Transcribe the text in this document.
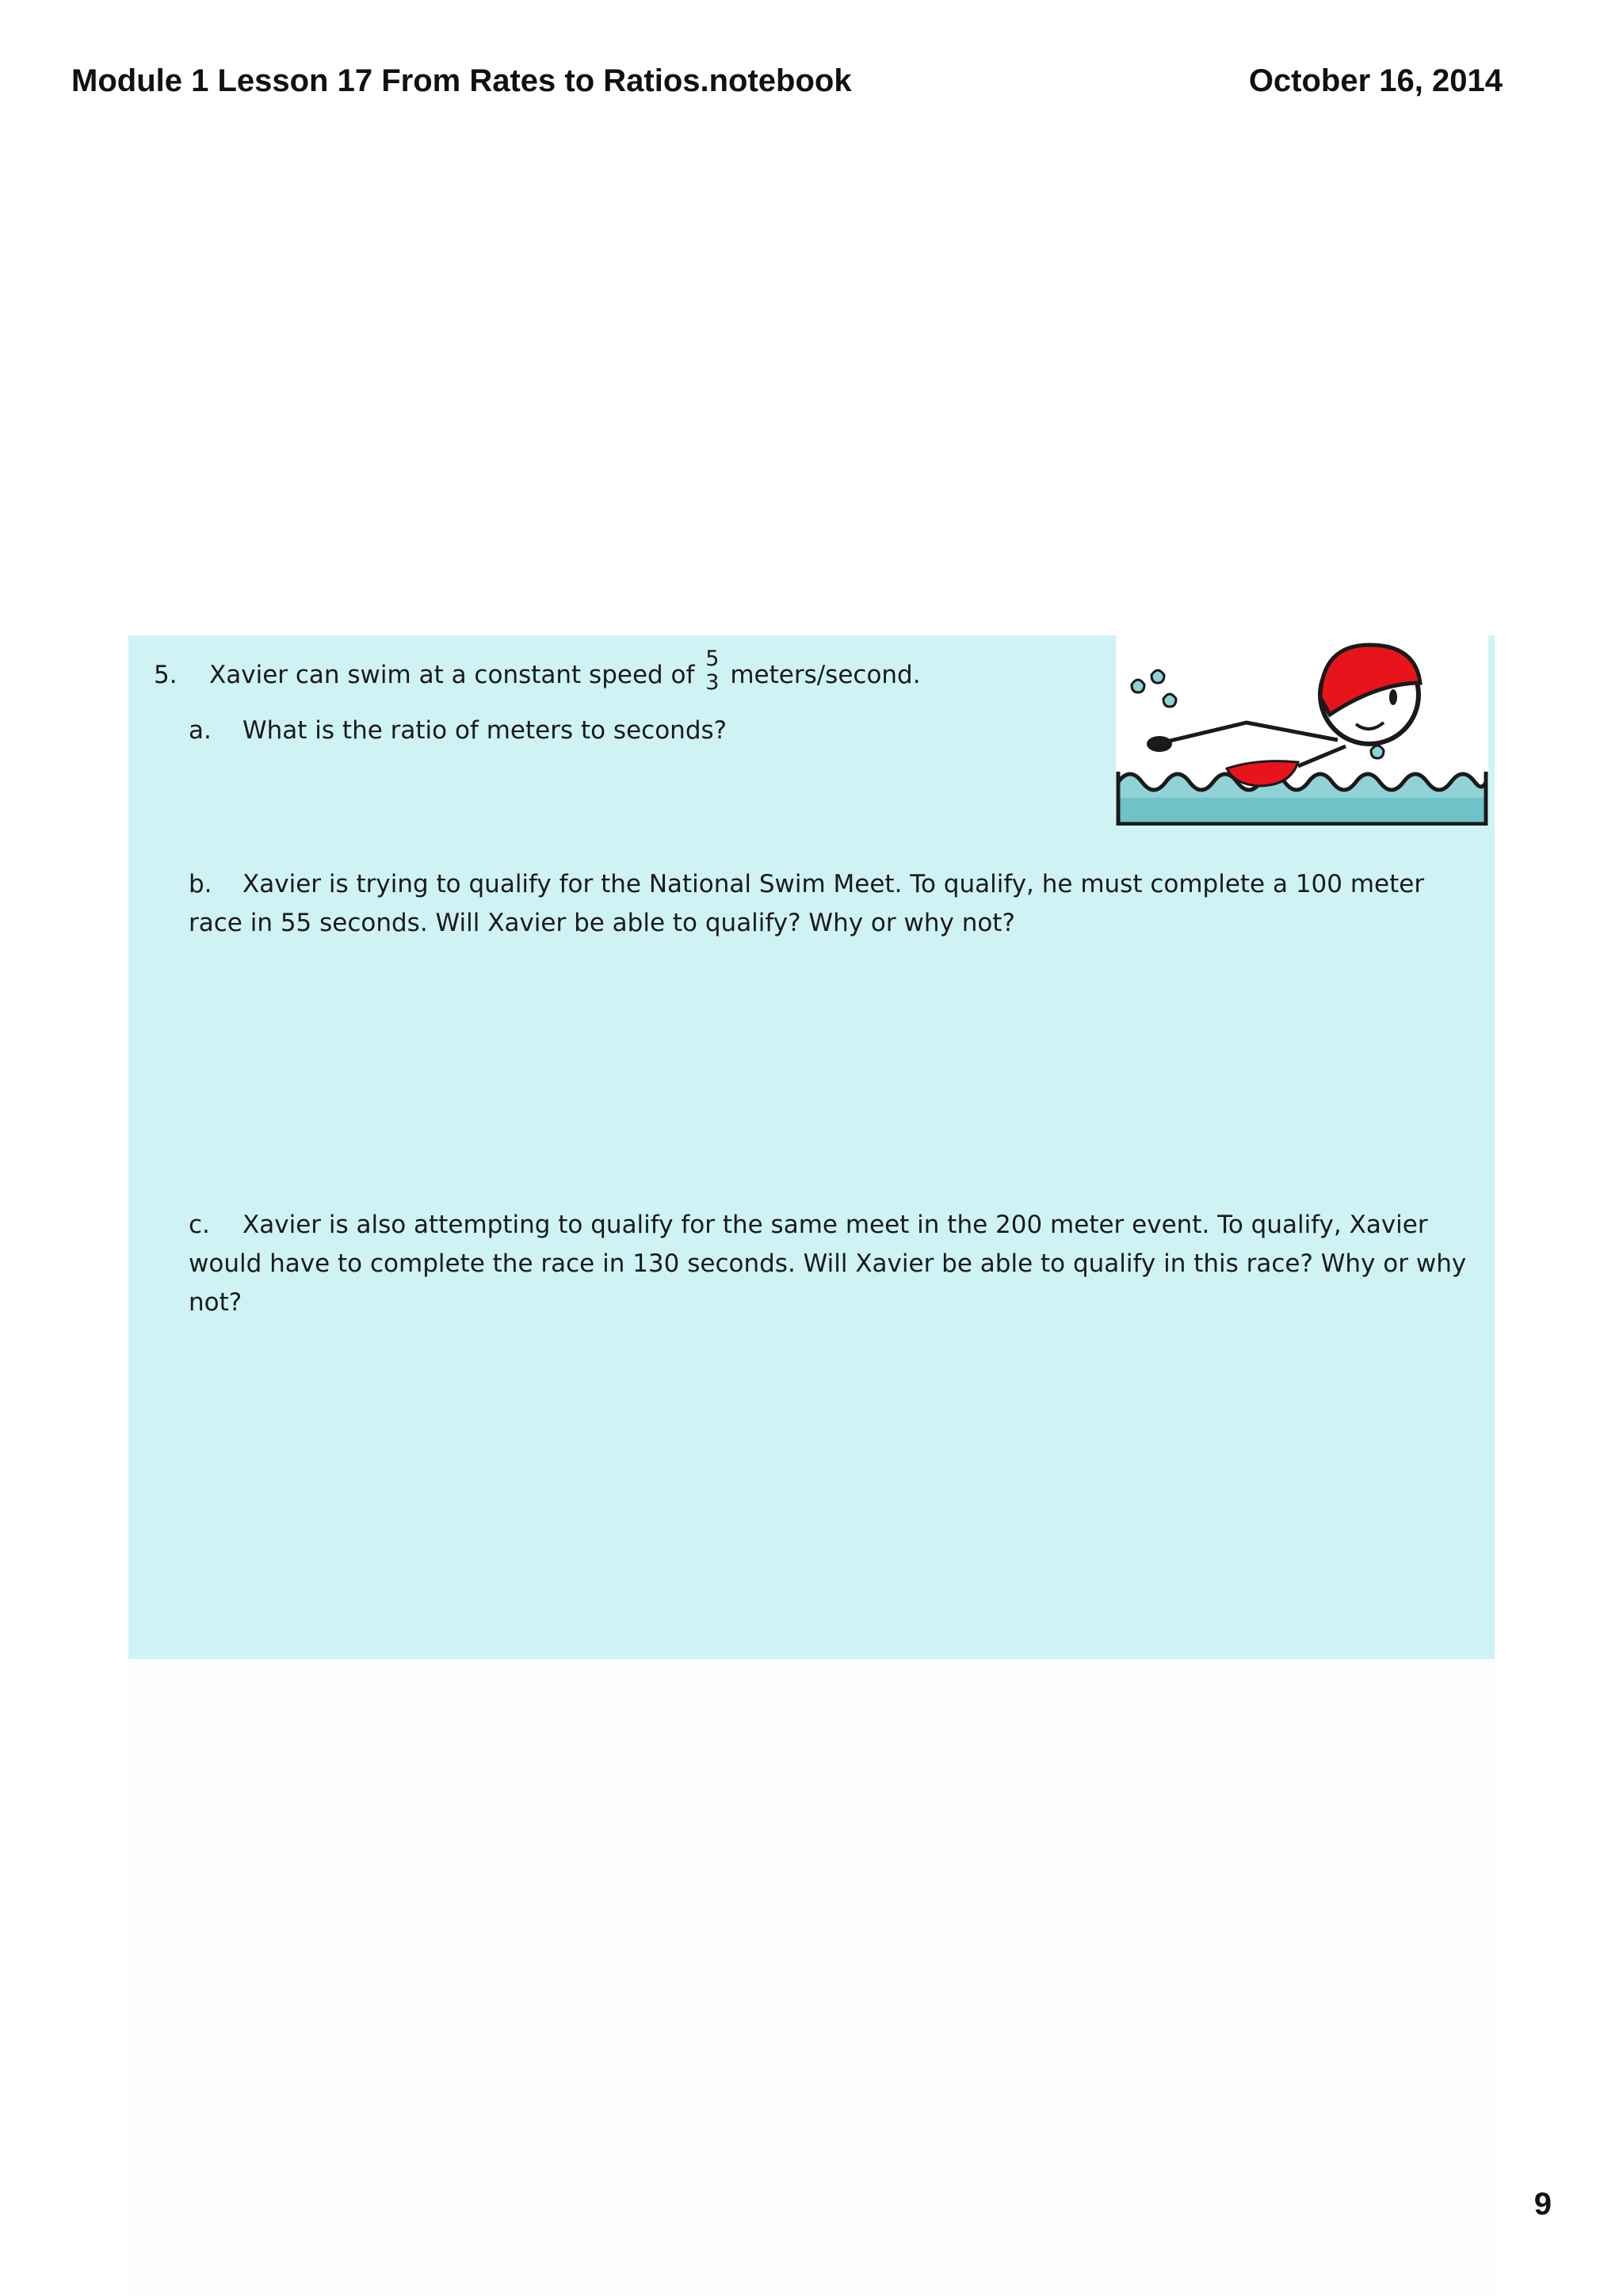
Module 1 Lesson 17 From Rates to Ratios.notebook	October 16, 2014
5. Xavier can swim at a constant speed of
5
3 meters/second.
a. What is the ratio of meters to seconds?
b. Xavier is trying to qualify for the National Swim Meet. To qualify, he must complete a 100 meter race in 55 seconds. Will Xavier be able to qualify? Why or why not?
c. Xavier is also attempting to qualify for the same meet in the 200 meter event. To qualify, Xavier would have to complete the race in 130 seconds. Will Xavier be able to qualify in this race? Why or why not?
9
